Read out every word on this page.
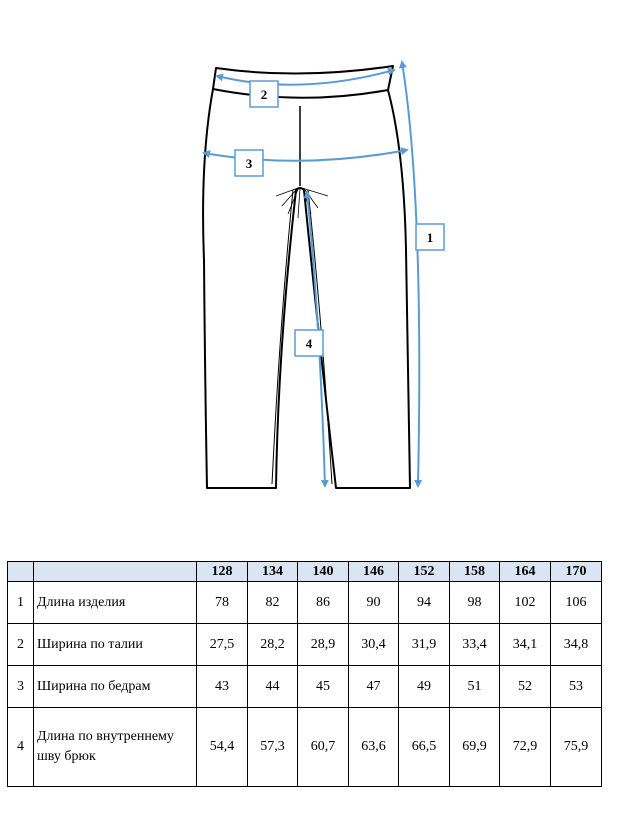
1
2
3
4
		128	134	140	146	152	158	164	170
1	Длина изделия	78	82	86	90	94	98	102	106
2	Ширина по талии	27,5	28,2	28,9	30,4	31,9	33,4	34,1	34,8
3	Ширина по бедрам	43	44	45	47	49	51	52	53
4	Длина по внутреннему шву брюк	54,4	57,3	60,7	63,6	66,5	69,9	72,9	75,9
